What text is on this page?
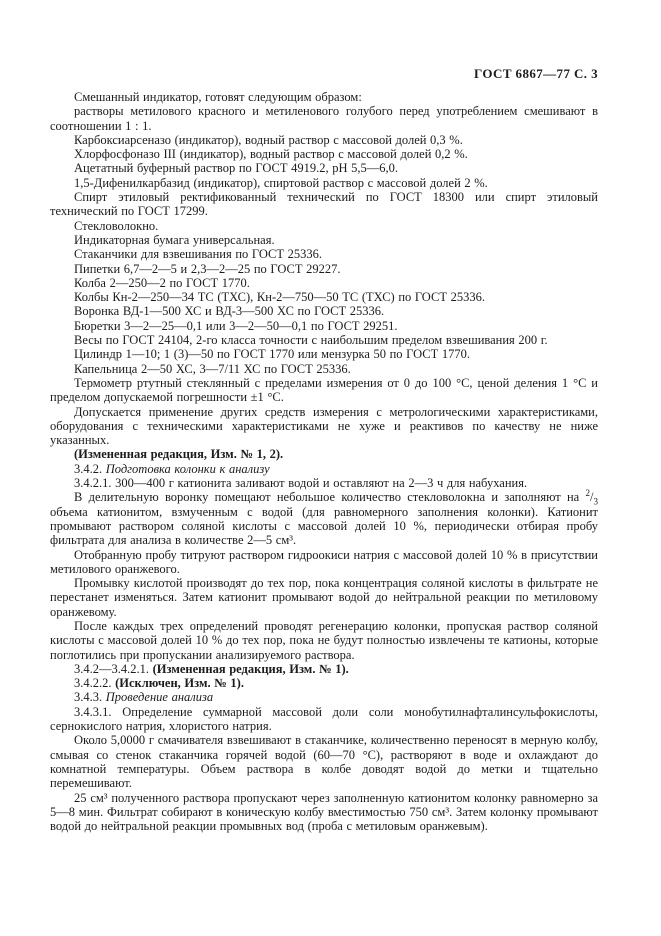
ГОСТ 6867—77 С. 3
Смешанный индикатор, готовят следующим образом:
растворы метилового красного и метиленового голубого перед употреблением смешивают в соотношении 1 : 1.
Карбоксиарсеназо (индикатор), водный раствор с массовой долей 0,3 %.
Хлорфосфоназо III (индикатор), водный раствор с массовой долей 0,2 %.
Ацетатный буферный раствор по ГОСТ 4919.2, рН 5,5—6,0.
1,5-Дифенилкарбазид (индикатор), спиртовой раствор с массовой долей 2 %.
Спирт этиловый ректификованный технический по ГОСТ 18300 или спирт этиловый технический по ГОСТ 17299.
Стекловолокно.
Индикаторная бумага универсальная.
Стаканчики для взвешивания по ГОСТ 25336.
Пипетки 6,7—2—5 и 2,3—2—25 по ГОСТ 29227.
Колба 2—250—2 по ГОСТ 1770.
Колбы Кн-2—250—34 ТС (ТХС), Кн-2—750—50 ТС (ТХС) по ГОСТ 25336.
Воронка ВД-1—500 ХС и ВД-3—500 ХС по ГОСТ 25336.
Бюретки 3—2—25—0,1 или 3—2—50—0,1 по ГОСТ 29251.
Весы по ГОСТ 24104, 2-го класса точности с наибольшим пределом взвешивания 200 г.
Цилиндр 1—10; 1 (3)—50 по ГОСТ 1770 или мензурка 50 по ГОСТ 1770.
Капельница 2—50 ХС, 3—7/11 ХС по ГОСТ 25336.
Термометр ртутный стеклянный с пределами измерения от 0 до 100 °С, ценой деления 1 °С и пределом допускаемой погрешности ±1 °С.
Допускается применение других средств измерения с метрологическими характеристиками, оборудования с техническими характеристиками не хуже и реактивов по качеству не ниже указанных.
(Измененная редакция, Изм. № 1, 2).
3.4.2. Подготовка колонки к анализу
3.4.2.1. 300—400 г катионита заливают водой и оставляют на 2—3 ч для набухания.
В делительную воронку помещают небольшое количество стекловолокна и заполняют на $^2/_3$ объема катионитом, взмученным с водой (для равномерного заполнения колонки). Катионит промывают раствором соляной кислоты с массовой долей 10 %, периодически отбирая пробу фильтрата для анализа в количестве 2—5 см³.
Отобранную пробу титруют раствором гидроокиси натрия с массовой долей 10 % в присутствии метилового оранжевого.
Промывку кислотой производят до тех пор, пока концентрация соляной кислоты в фильтрате не перестанет изменяться. Затем катионит промывают водой до нейтральной реакции по метиловому оранжевому.
После каждых трех определений проводят регенерацию колонки, пропуская раствор соляной кислоты с массовой долей 10 % до тех пор, пока не будут полностью извлечены те катионы, которые поглотились при пропускании анализируемого раствора.
3.4.2—3.4.2.1. (Измененная редакция, Изм. № 1).
3.4.2.2. (Исключен, Изм. № 1).
3.4.3. Проведение анализа
3.4.3.1. Определение суммарной массовой доли соли монобутилнафталинсульфокислоты, сернокислого натрия, хлористого натрия.
Около 5,0000 г смачивателя взвешивают в стаканчике, количественно переносят в мерную колбу, смывая со стенок стаканчика горячей водой (60—70 °С), растворяют в воде и охлаждают до комнатной температуры. Объем раствора в колбе доводят водой до метки и тщательно перемешивают.
25 см³ полученного раствора пропускают через заполненную катионитом колонку равномерно за 5—8 мин. Фильтрат собирают в коническую колбу вместимостью 750 см³. Затем колонку промывают водой до нейтральной реакции промывных вод (проба с метиловым оранжевым).
